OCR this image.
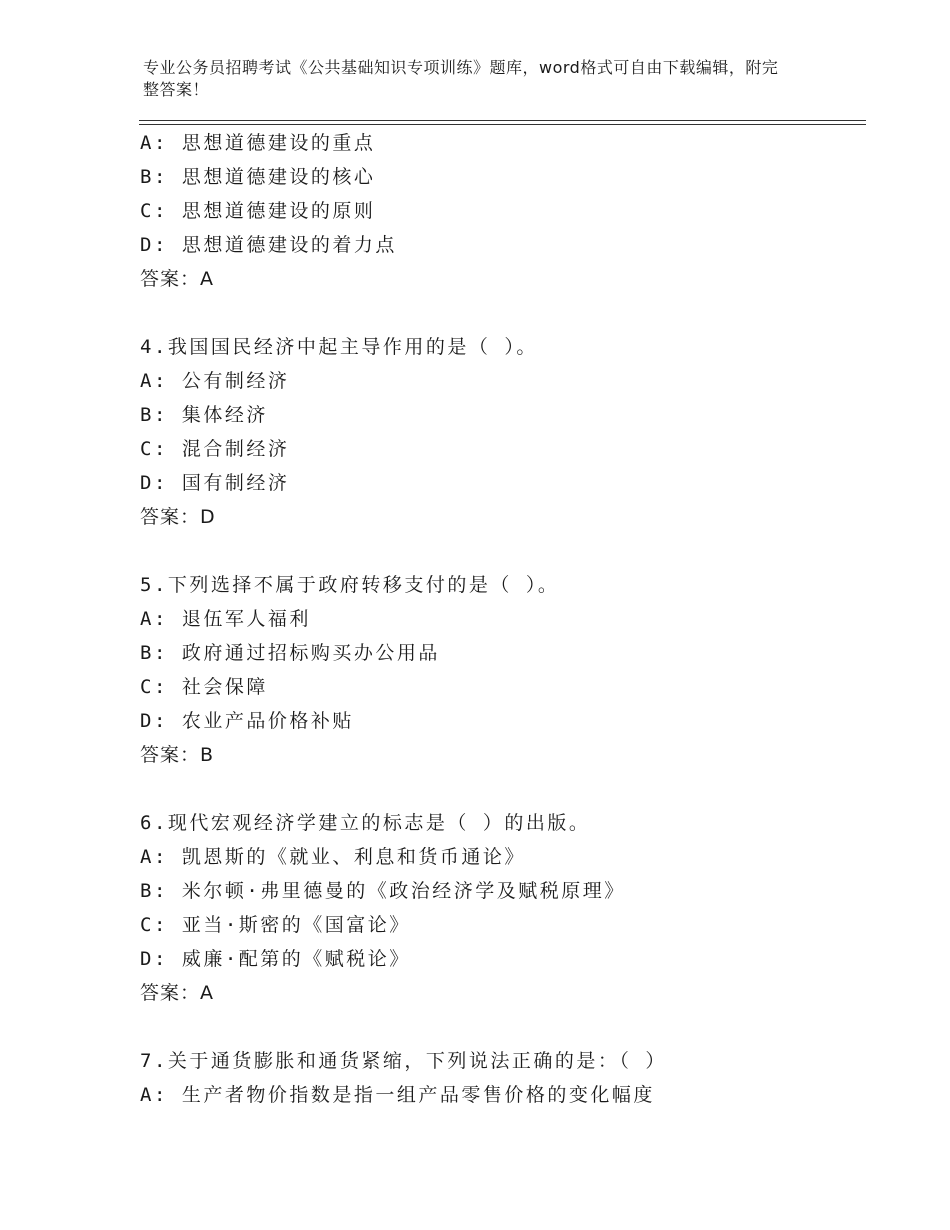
专业公务员招聘考试《公共基础知识专项训练》题库，word格式可自由下载编辑，附完整答案！
A: 思想道德建设的重点
B: 思想道德建设的核心
C: 思想道德建设的原则
D: 思想道德建设的着力点
答案：A
4.我国国民经济中起主导作用的是（ ）。
A: 公有制经济
B: 集体经济
C: 混合制经济
D: 国有制经济
答案：D
5.下列选择不属于政府转移支付的是（ ）。
A: 退伍军人福利
B: 政府通过招标购买办公用品
C: 社会保障
D: 农业产品价格补贴
答案：B
6.现代宏观经济学建立的标志是（ ）的出版。
A: 凯恩斯的《就业、利息和货币通论》
B: 米尔顿·弗里德曼的《政治经济学及赋税原理》
C: 亚当·斯密的《国富论》
D: 威廉·配第的《赋税论》
答案：A
7.关于通货膨胀和通货紧缩，下列说法正确的是：（ ）
A: 生产者物价指数是指一组产品零售价格的变化幅度
